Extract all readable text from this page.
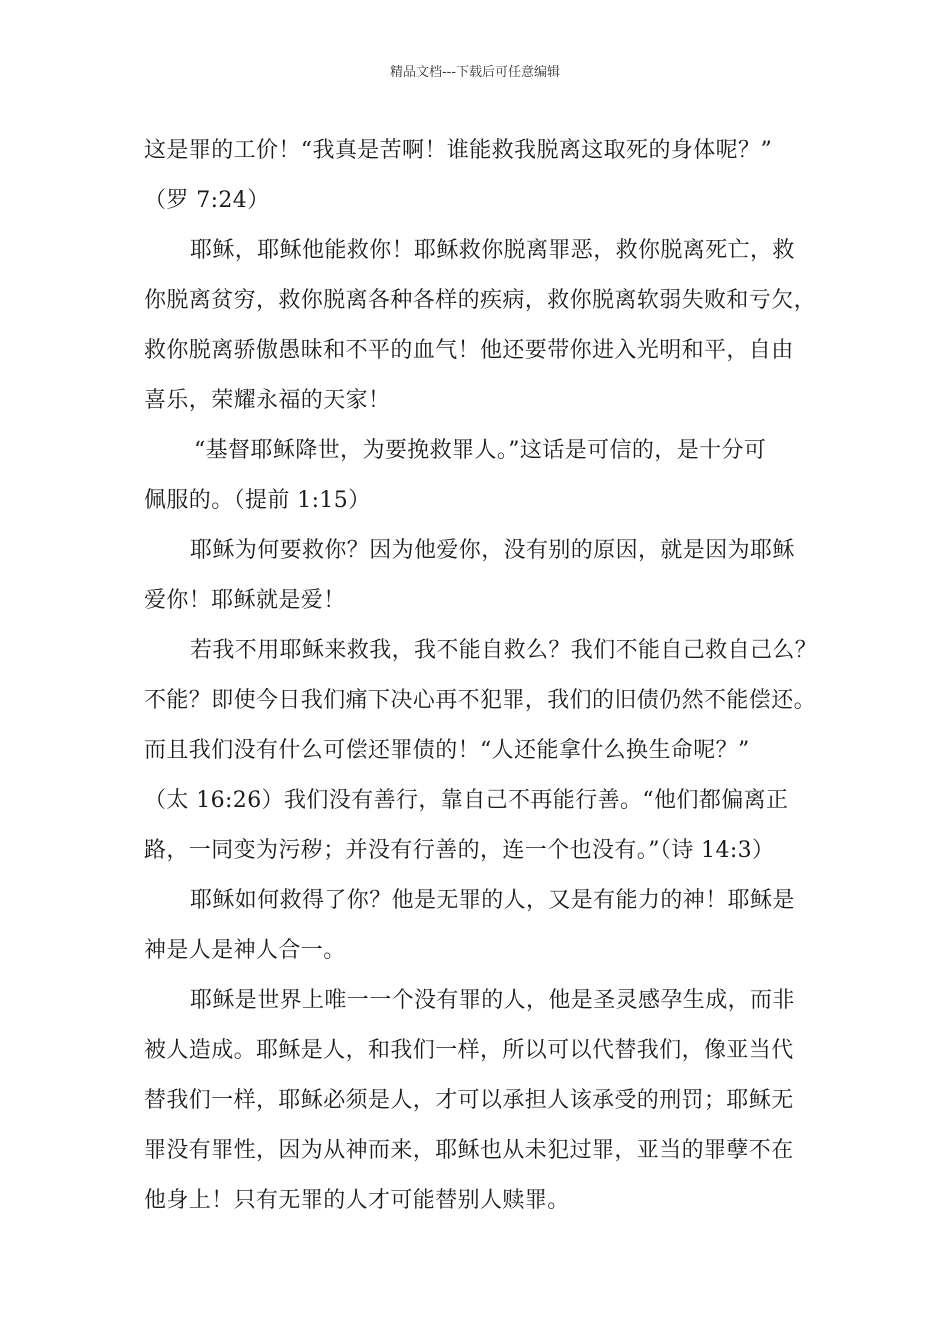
精品文档---下载后可任意编辑
这是罪的工价！“我真是苦啊！谁能救我脱离这取死的身体呢？”
（罗 7:24）
耶稣，耶稣他能救你！耶稣救你脱离罪恶，救你脱离死亡，救
你脱离贫穷，救你脱离各种各样的疾病，救你脱离软弱失败和亏欠，
救你脱离骄傲愚昧和不平的血气！他还要带你进入光明和平，自由
喜乐，荣耀永福的天家！
“基督耶稣降世，为要挽救罪人。”这话是可信的，是十分可
佩服的。（提前 1:15）
耶稣为何要救你？因为他爱你，没有别的原因，就是因为耶稣
爱你！耶稣就是爱！
若我不用耶稣来救我，我不能自救么？我们不能自己救自己么？
不能？即使今日我们痛下决心再不犯罪，我们的旧债仍然不能偿还。
而且我们没有什么可偿还罪债的！“人还能拿什么换生命呢？”
（太 16:26）我们没有善行，靠自己不再能行善。“他们都偏离正
路，一同变为污秽；并没有行善的，连一个也没有。”（诗 14:3）
耶稣如何救得了你？他是无罪的人，又是有能力的神！耶稣是
神是人是神人合一。
耶稣是世界上唯一一个没有罪的人，他是圣灵感孕生成，而非
被人造成。耶稣是人，和我们一样，所以可以代替我们，像亚当代
替我们一样，耶稣必须是人，才可以承担人该承受的刑罚；耶稣无
罪没有罪性，因为从神而来，耶稣也从未犯过罪，亚当的罪孽不在
他身上！只有无罪的人才可能替别人赎罪。
